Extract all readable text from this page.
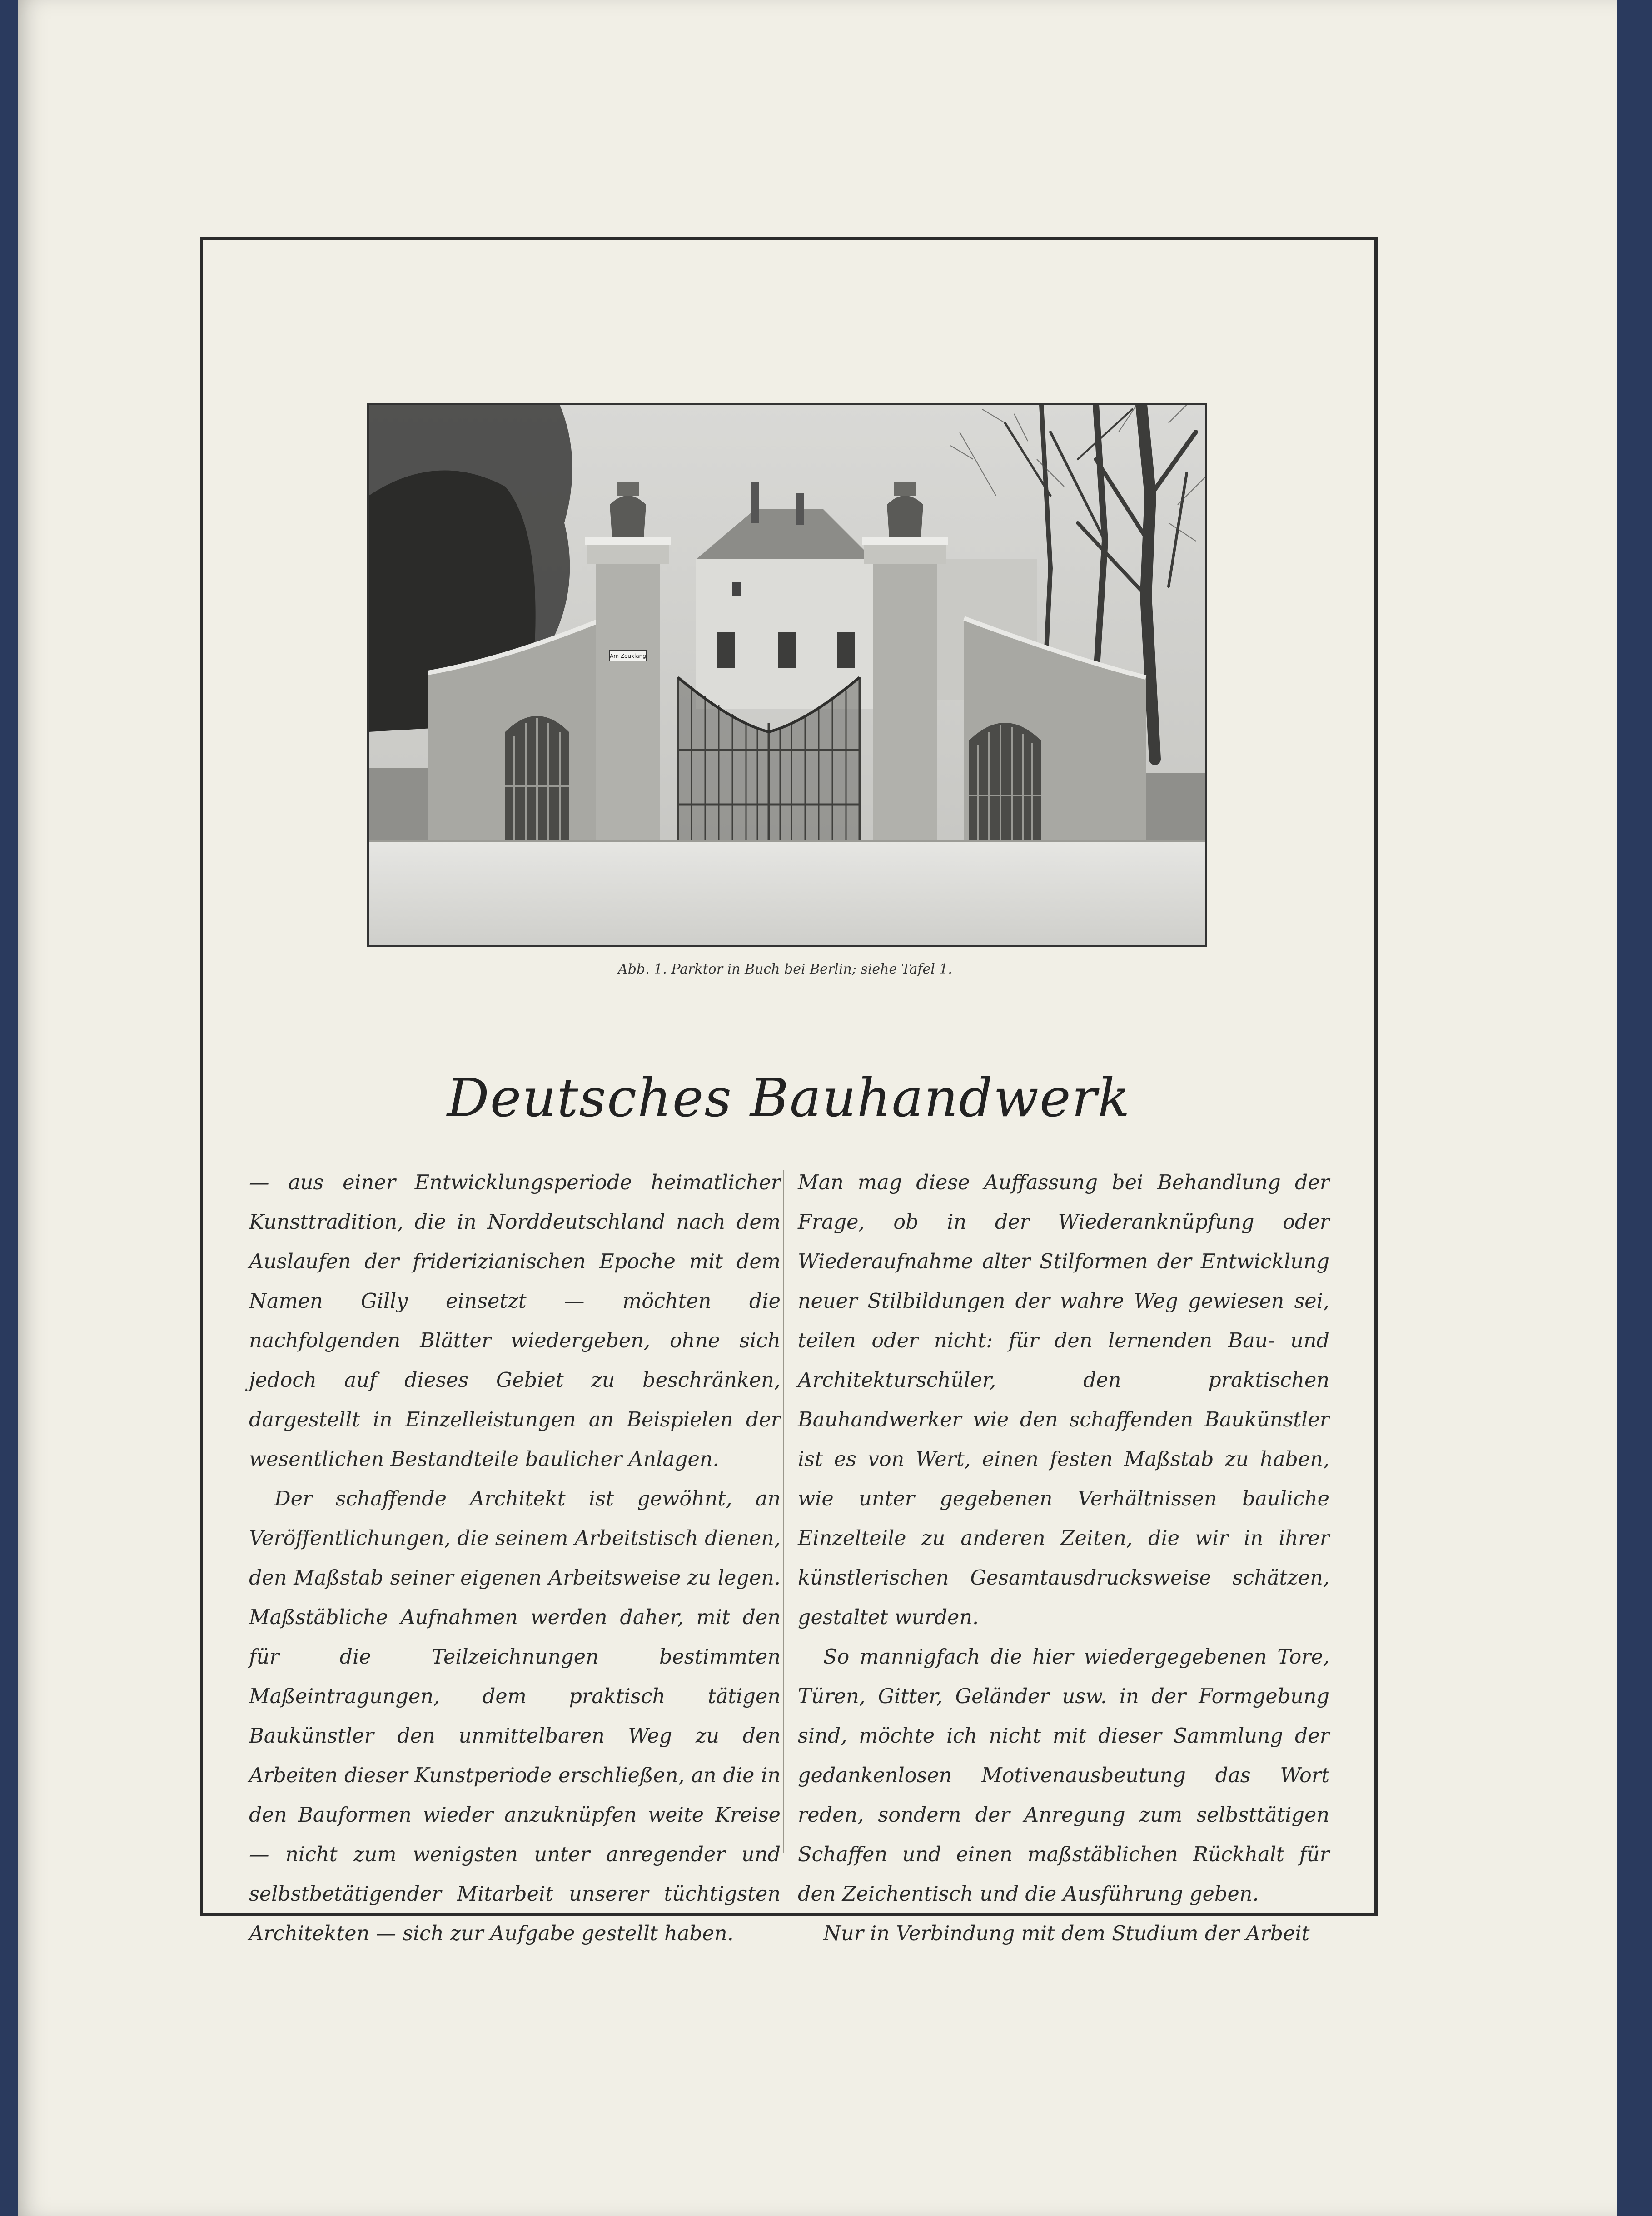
Am Zeuklang
Abb. 1. Parktor in Buch bei Berlin; siehe Tafel 1.
Deutsches Bauhandwerk

— aus einer Entwicklungsperiode heimatlicher Kunsttradition, die in Norddeutschland nach dem Auslaufen der friderizianischen Epoche mit dem Namen Gilly einsetzt — möchten die nachfolgenden Blätter wiedergeben, ohne sich jedoch auf dieses Gebiet zu beschränken, dargestellt in Einzelleistungen an Beispielen der wesentlichen Bestandteile baulicher Anlagen.

Der schaffende Architekt ist gewöhnt, an Veröffentlichungen, die seinem Arbeitstisch dienen, den Maßstab seiner eigenen Arbeitsweise zu legen. Maßstäbliche Aufnahmen werden daher, mit den für die Teilzeichnungen bestimmten Maßeintragungen, dem praktisch tätigen Baukünstler den unmittelbaren Weg zu den Arbeiten dieser Kunstperiode erschließen, an die in den Bauformen wieder anzuknüpfen weite Kreise — nicht zum wenigsten unter anregender und selbstbetätigender Mitarbeit unserer tüchtigsten Architekten — sich zur Aufgabe gestellt haben.

Man mag diese Auffassung bei Behandlung der Frage, ob in der Wiederanknüpfung oder Wiederaufnahme alter Stilformen der Entwicklung neuer Stilbildungen der wahre Weg gewiesen sei, teilen oder nicht: für den lernenden Bau- und Architekturschüler, den praktischen Bauhandwerker wie den schaffenden Baukünstler ist es von Wert, einen festen Maßstab zu haben, wie unter gegebenen Verhältnissen bauliche Einzelteile zu anderen Zeiten, die wir in ihrer künstlerischen Gesamtausdrucksweise schätzen, gestaltet wurden.

So mannigfach die hier wiedergegebenen Tore, Türen, Gitter, Geländer usw. in der Formgebung sind, möchte ich nicht mit dieser Sammlung der gedankenlosen Motivenausbeutung das Wort reden, sondern der Anregung zum selbsttätigen Schaffen und einen maßstäblichen Rückhalt für den Zeichentisch und die Ausführung geben.

Nur in Verbindung mit dem Studium der Arbeit
